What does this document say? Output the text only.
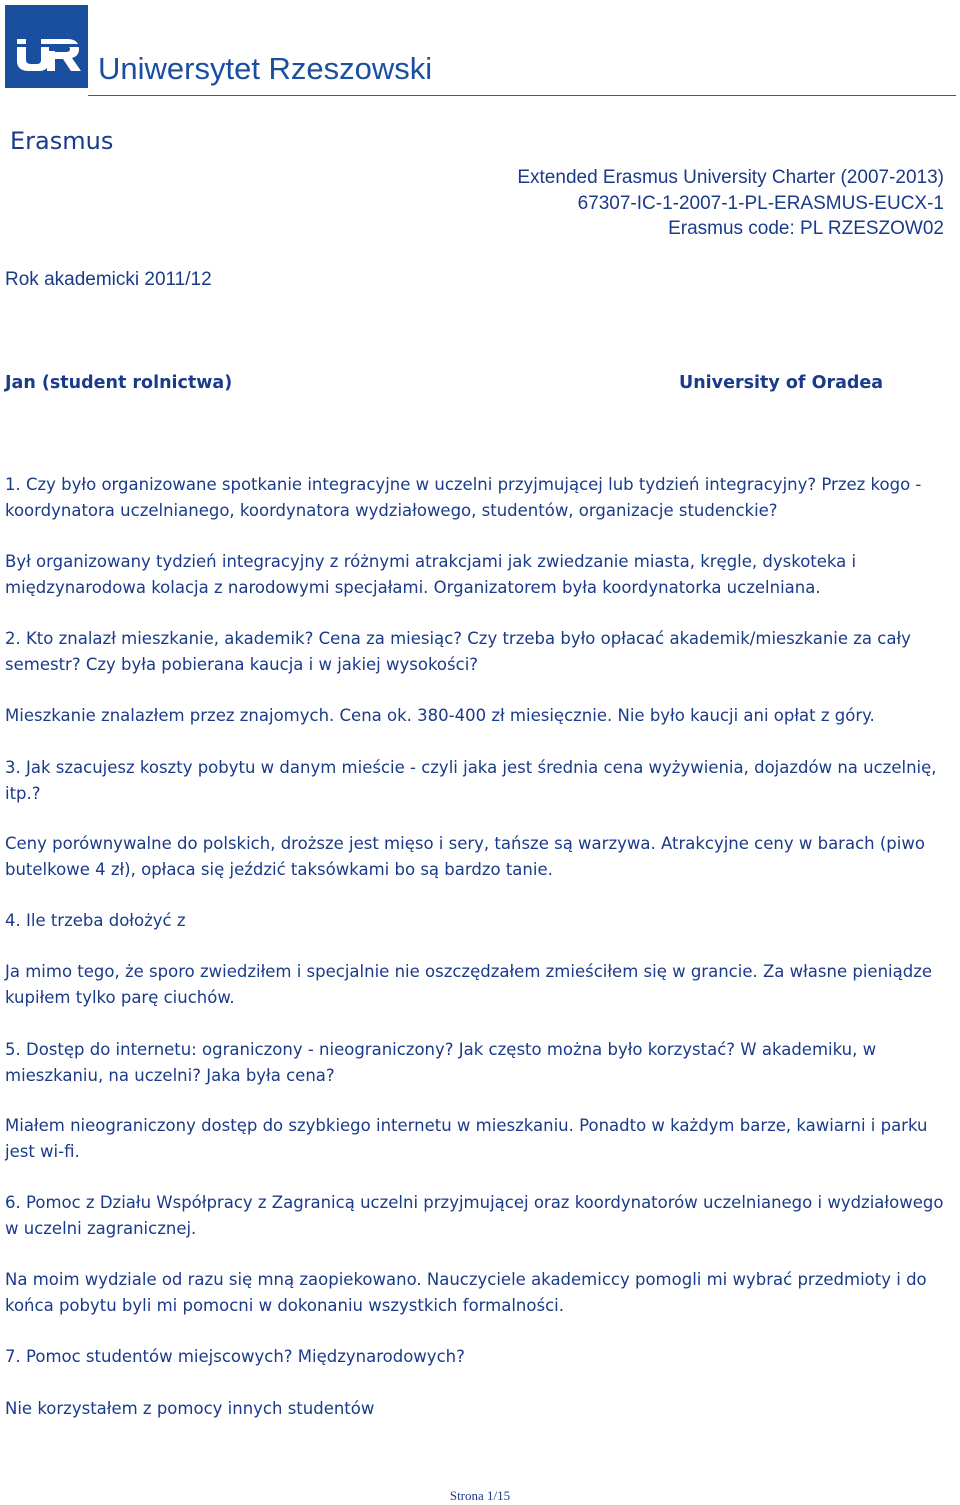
Uniwersytet Rzeszowski
Erasmus
Extended Erasmus University Charter (2007-2013)
67307-IC-1-2007-1-PL-ERASMUS-EUCX-1
Erasmus code: PL RZESZOW02
Rok akademicki 2011/12
Jan (student rolnictwa)	University of Oradea

1. Czy było organizowane spotkanie integracyjne w uczelni przyjmującej lub tydzień integracyjny? Przez kogo - koordynatora uczelnianego, koordynatora wydziałowego, studentów, organizacje studenckie?

Był organizowany tydzień integracyjny z różnymi atrakcjami jak zwiedzanie miasta, kręgle, dyskoteka i międzynarodowa kolacja z narodowymi specjałami. Organizatorem była koordynatorka uczelniana.

2. Kto znalazł mieszkanie, akademik? Cena za miesiąc? Czy trzeba było opłacać akademik/mieszkanie za cały semestr? Czy była pobierana kaucja i w jakiej wysokości?

Mieszkanie znalazłem przez znajomych. Cena ok. 380-400 zł miesięcznie. Nie było kaucji ani opłat z góry.

3. Jak szacujesz koszty pobytu w danym mieście - czyli jaka jest średnia cena wyżywienia, dojazdów na uczelnię, itp.?

Ceny porównywalne do polskich, droższe jest mięso i sery, tańsze są warzywa. Atrakcyjne ceny w barach (piwo butelkowe 4 zł), opłaca się jeździć taksówkami bo są bardzo tanie.

4. Ile trzeba dołożyć z

Ja mimo tego, że sporo zwiedziłem i specjalnie nie oszczędzałem zmieściłem się w grancie. Za własne pieniądze kupiłem tylko parę ciuchów.

5. Dostęp do internetu: ograniczony - nieograniczony? Jak często można było korzystać? W akademiku, w mieszkaniu, na uczelni? Jaka była cena?

Miałem nieograniczony dostęp do szybkiego internetu w mieszkaniu. Ponadto w każdym barze, kawiarni i parku jest wi-fi.

6. Pomoc z Działu Współpracy z Zagranicą uczelni przyjmującej oraz koordynatorów uczelnianego i wydziałowego w uczelni zagranicznej.

Na moim wydziale od razu się mną zaopiekowano. Nauczyciele akademiccy pomogli mi wybrać przedmioty i do końca pobytu byli mi pomocni w dokonaniu wszystkich formalności.

7. Pomoc studentów miejscowych? Międzynarodowych?

Nie korzystałem z pomocy innych studentów

Strona 1/15
